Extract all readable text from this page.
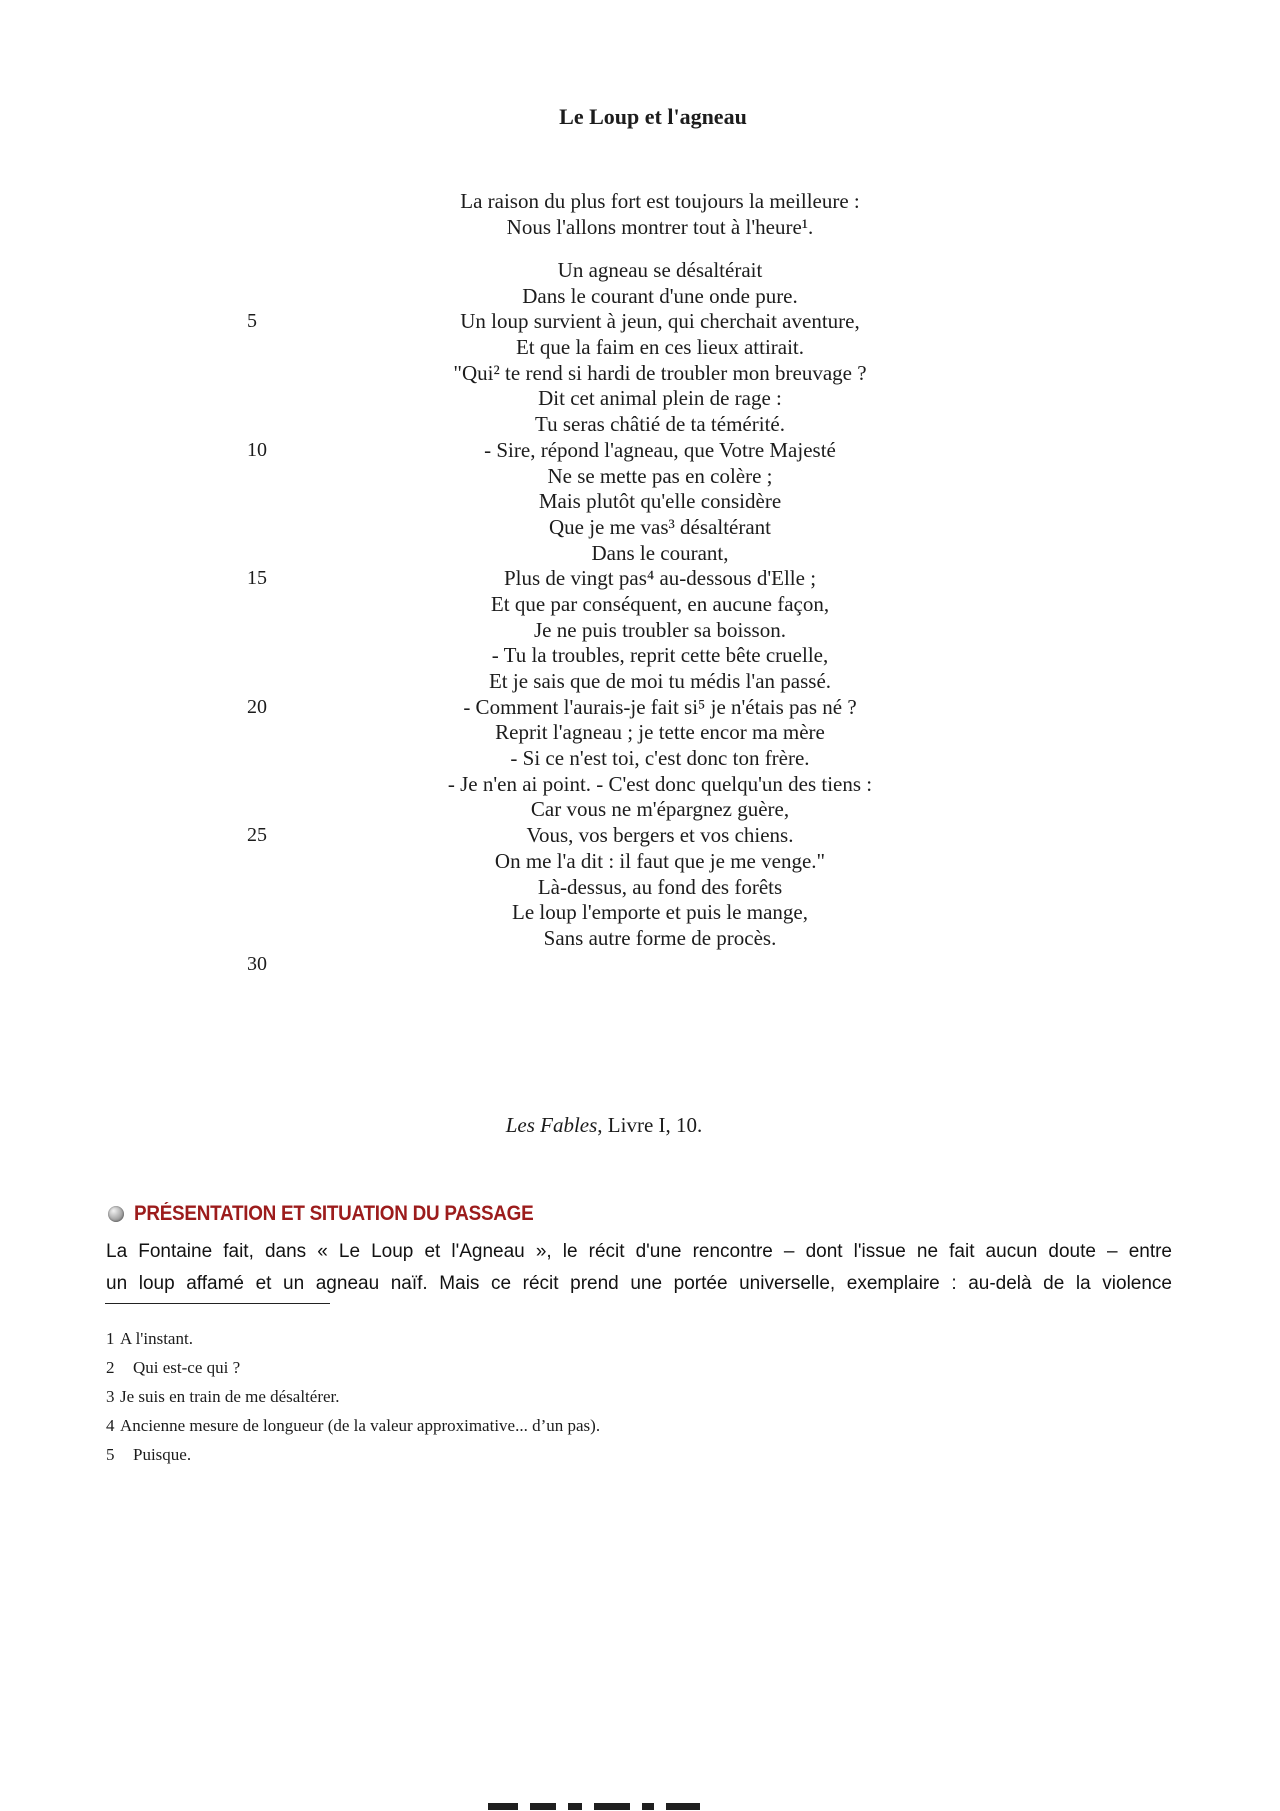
Le Loup et l'agneau
La raison du plus fort est toujours la meilleure :
Nous l'allons montrer tout à l'heure¹.
Un agneau se désaltérait
Dans le courant d'une onde pure.
5	Un loup survient à jeun, qui cherchait aventure,
Et que la faim en ces lieux attirait.
"Qui² te rend si hardi de troubler mon breuvage ?
Dit cet animal plein de rage :
Tu seras châtié de ta témérité.
10	- Sire, répond l'agneau, que Votre Majesté
Ne se mette pas en colère ;
Mais plutôt qu'elle considère
Que je me vas³ désaltérant
Dans le courant,
15	Plus de vingt pas⁴ au-dessous d'Elle ;
Et que par conséquent, en aucune façon,
Je ne puis troubler sa boisson.
- Tu la troubles, reprit cette bête cruelle,
Et je sais que de moi tu médis l'an passé.
20	- Comment l'aurais-je fait si⁵ je n'étais pas né ?
Reprit l'agneau ; je tette encor ma mère
- Si ce n'est toi, c'est donc ton frère.
- Je n'en ai point. - C'est donc quelqu'un des tiens :
Car vous ne m'épargnez guère,
25	Vous, vos bergers et vos chiens.
On me l'a dit : il faut que je me venge."
Là-dessus, au fond des forêts
Le loup l'emporte et puis le mange,
Sans autre forme de procès.
30
Les Fables, Livre I, 10.
PRÉSENTATION ET SITUATION DU PASSAGE
La Fontaine fait, dans « Le Loup et l'Agneau », le récit d'une rencontre – dont l'issue ne fait aucun doute – entre
un loup affamé et un agneau naïf. Mais ce récit prend une portée universelle, exemplaire : au-delà de la violence
1 A l'instant.
2 Qui est-ce qui ?
3 Je suis en train de me désaltérer.
4 Ancienne mesure de longueur (de la valeur approximative... d’un pas).
5 Puisque.
